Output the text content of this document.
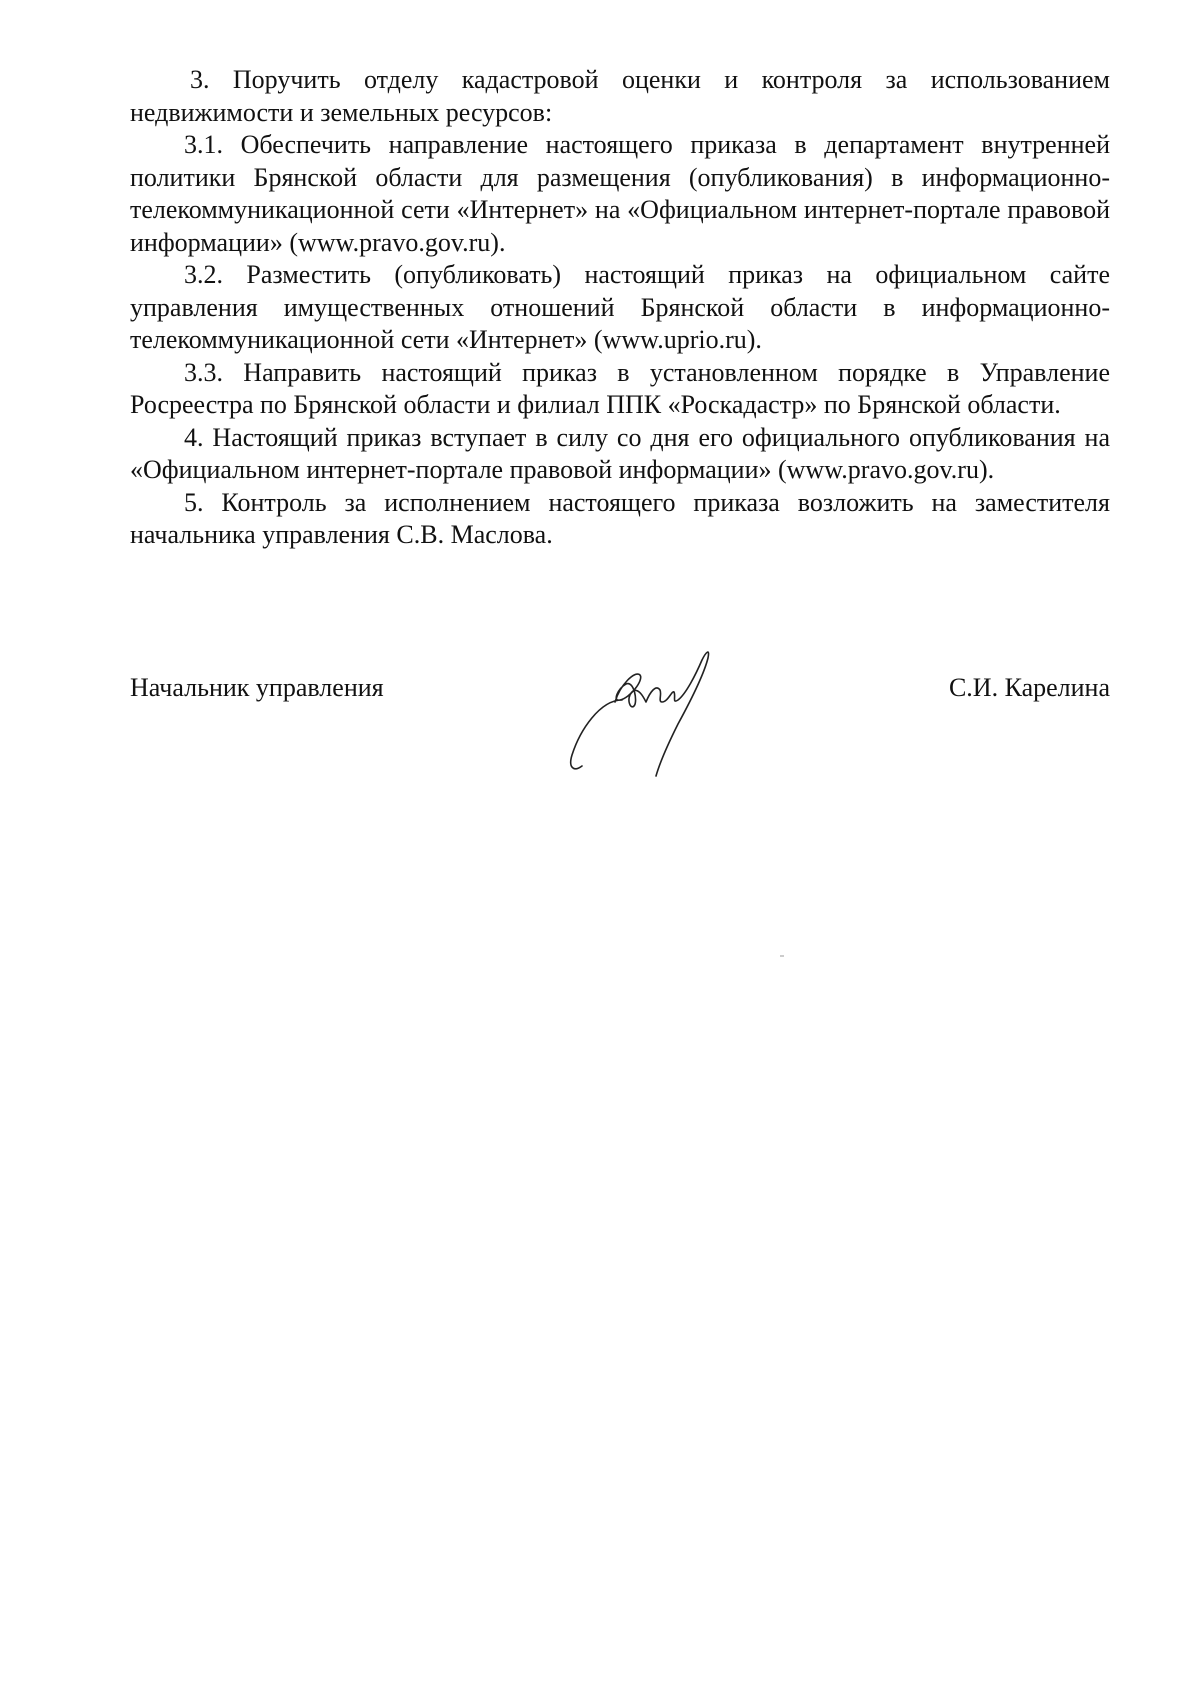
3. Поручить отделу кадастровой оценки и контроля за использованием недвижимости и земельных ресурсов:

3.1. Обеспечить направление настоящего приказа в департамент внутренней политики Брянской области для размещения (опубликования) в информационно-телекоммуникационной сети «Интернет» на «Официальном интернет-портале правовой информации» (www.pravo.gov.ru).

3.2. Разместить (опубликовать) настоящий приказ на официальном сайте управления имущественных отношений Брянской области в информационно-телекоммуникационной сети «Интернет» (www.uprio.ru).

3.3. Направить настоящий приказ в установленном порядке в Управление Росреестра по Брянской области и филиал ППК «Роскадастр» по Брянской области.

4. Настоящий приказ вступает в силу со дня его официального опубликования на «Официальном интернет-портале правовой информации» (www.pravo.gov.ru).

5. Контроль за исполнением настоящего приказа возложить на заместителя начальника управления С.В. Маслова.

Начальник управления	С.И. Карелина
